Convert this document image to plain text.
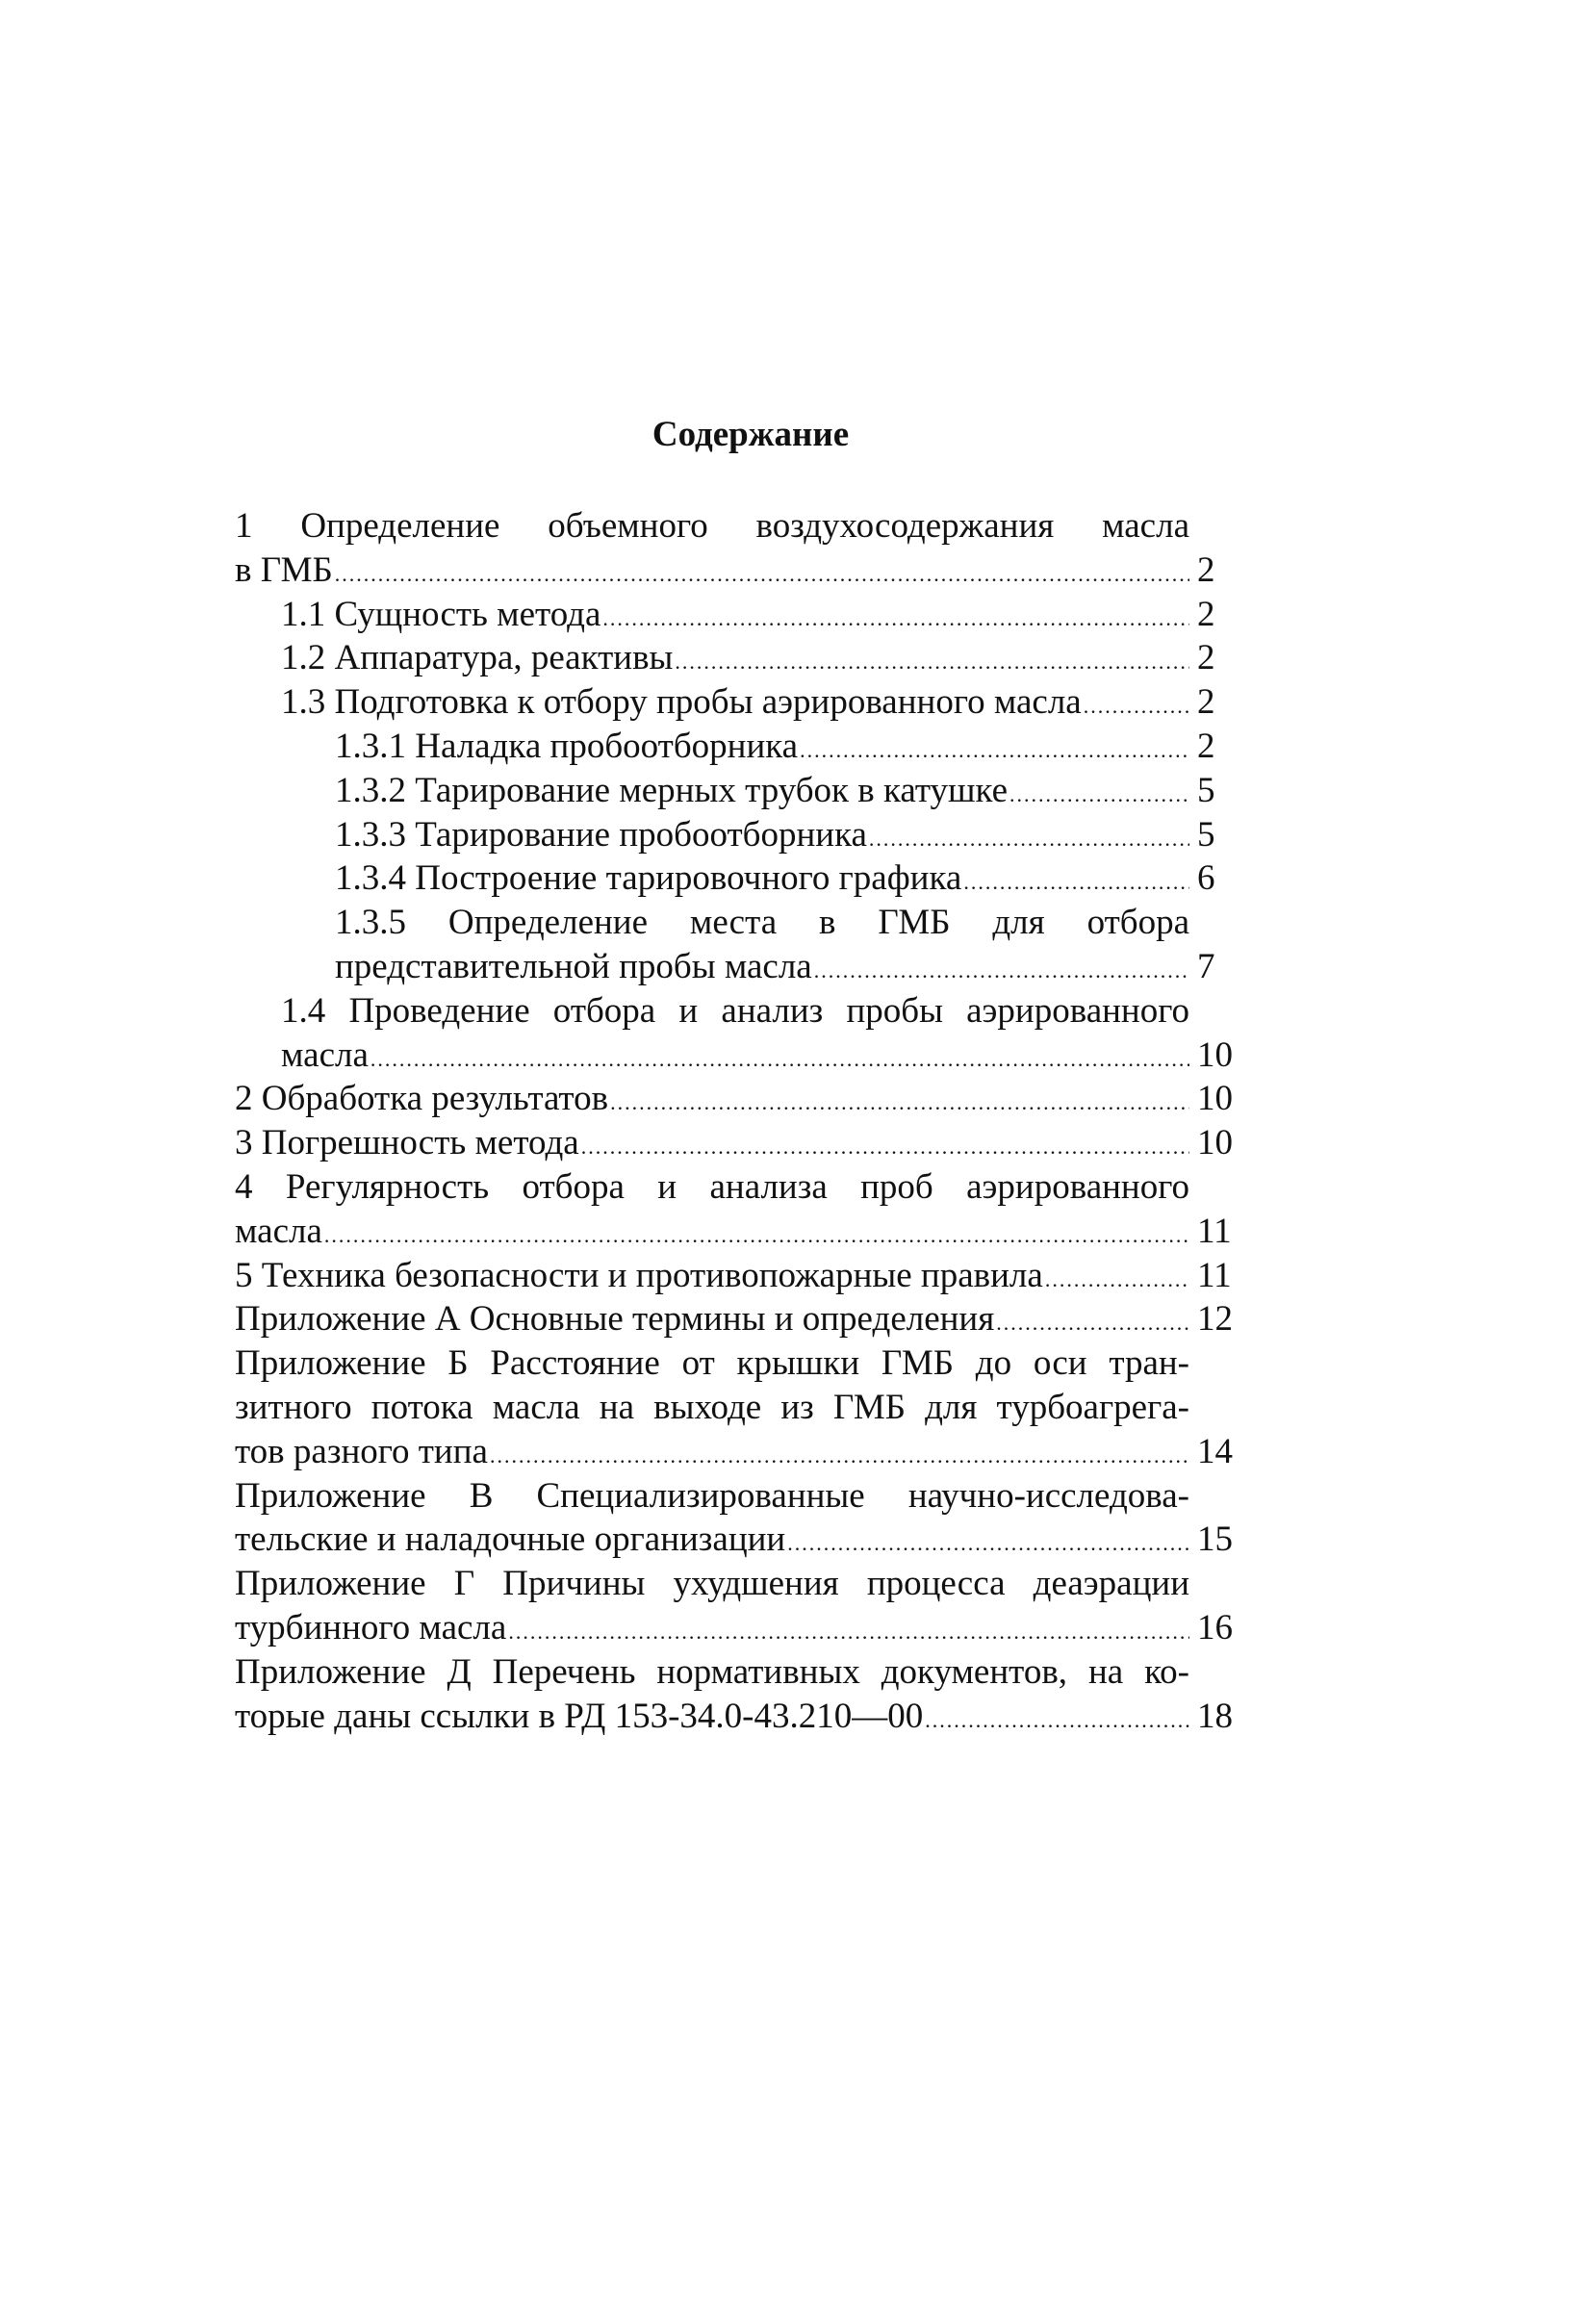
Содержание
1 Определение объемного воздухосодержания масла
в ГМБ .....	2
1.1 Сущность метода .....	2
1.2 Аппаратура, реактивы .....	2
1.3 Подготовка к отбору пробы аэрированного масла .....	2
1.3.1 Наладка пробоотборника .....	2
1.3.2 Тарирование мерных трубок в катушке .....	5
1.3.3 Тарирование пробоотборника .....	5
1.3.4 Построение тарировочного графика .....	6
1.3.5 Определение места в ГМБ для отбора
представительной пробы масла .....	7
1.4 Проведение отбора и анализ пробы аэрированного
масла .....	10
2 Обработка результатов .....	10
3 Погрешность метода .....	10
4 Регулярность отбора и анализа проб аэрированного
масла .....	11
5 Техника безопасности и противопожарные правила .....	11
Приложение А Основные термины и определения .....	12
Приложение Б Расстояние от крышки ГМБ до оси тран-
зитного потока масла на выходе из ГМБ для турбоагрега-
тов разного типа .....	14
Приложение В Специализированные научно-исследова-
тельские и наладочные организации .....	15
Приложение Г Причины ухудшения процесса деаэрации
турбинного масла .....	16
Приложение Д Перечень нормативных документов, на ко-
торые даны ссылки в РД 153-34.0-43.210—00 .....	18
